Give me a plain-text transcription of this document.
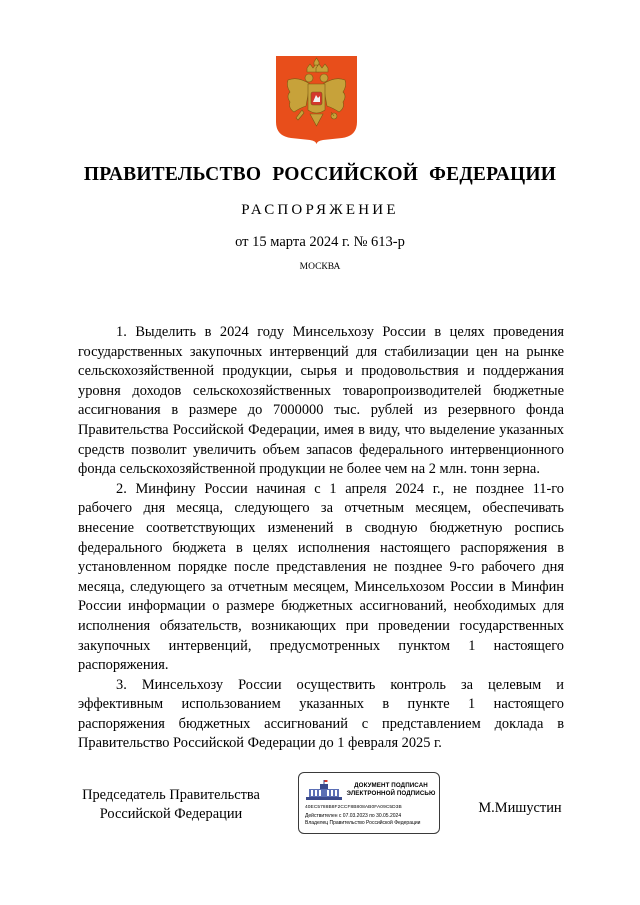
ПРАВИТЕЛЬСТВО РОССИЙСКОЙ ФЕДЕРАЦИИ
РАСПОРЯЖЕНИЕ
от 15 марта 2024 г. № 613-р
МОСКВА

1. Выделить в 2024 году Минсельхозу России в целях проведения государственных закупочных интервенций для стабилизации цен на рынке сельскохозяйственной продукции, сырья и продовольствия и поддержания уровня доходов сельскохозяйственных товаропроизводителей бюджетные ассигнования в размере до 7000000 тыс. рублей из резервного фонда Правительства Российской Федерации, имея в виду, что выделение указанных средств позволит увеличить объем запасов федерального интервенционного фонда сельскохозяйственной продукции не более чем на 2 млн. тонн зерна.

2. Минфину России начиная с 1 апреля 2024 г., не позднее 11-го рабочего дня месяца, следующего за отчетным месяцем, обеспечивать внесение соответствующих изменений в сводную бюджетную роспись федерального бюджета в целях исполнения настоящего распоряжения в установленном порядке после представления не позднее 9-го рабочего дня месяца, следующего за отчетным месяцем, Минсельхозом России в Минфин России информации о размере бюджетных ассигнований, необходимых для исполнения обязательств, возникающих при проведении государственных закупочных интервенций, предусмотренных пунктом 1 настоящего распоряжения.

3. Минсельхозу России осуществить контроль за целевым и эффективным использованием указанных в пункте 1 настоящего распоряжения бюджетных ассигнований с представлением доклада в Правительство Российской Федерации до 1 февраля 2025 г.

Председатель Правительства
Российской Федерации
ДОКУМЕНТ ПОДПИСАН
ЭЛЕКТРОННОЙ ПОДПИСЬЮ
40EC5788B8F2CCF8B808AB0FA09C5D3B
Действителен с 07.03.2023 по 30.05.2024
Владелец Правительство Российской Федерации
М.Мишустин
